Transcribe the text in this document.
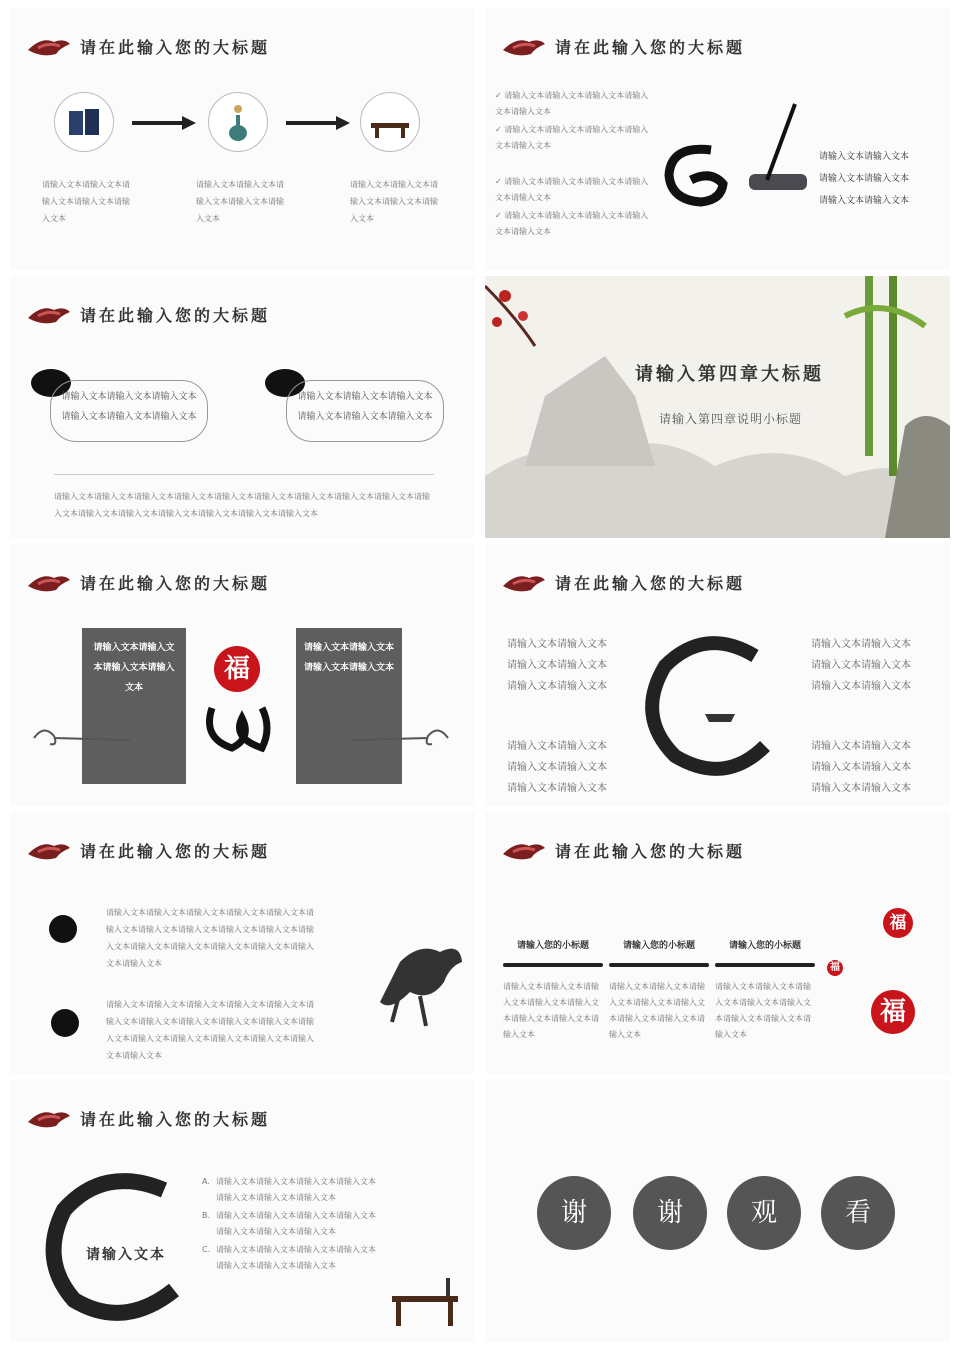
请在此输入您的大标题
请输入文本请输入文本请输入文本请输入文本请输入文本
请输入文本请输入文本请输入文本请输入文本请输入文本
请输入文本请输入文本请输入文本请输入文本请输入文本
请在此输入您的大标题
✓ 请输入文本请输入文本请输入文本请输入文本请输入文本
✓ 请输入文本请输入文本请输入文本请输入文本请输入文本
✓ 请输入文本请输入文本请输入文本请输入文本请输入文本
✓ 请输入文本请输入文本请输入文本请输入文本请输入文本
请输入文本请输入文本
请输入文本请输入文本
请输入文本请输入文本
请在此输入您的大标题
请输入文本请输入文本请输入文本请输入文本请输入文本请输入文本
请输入文本请输入文本请输入文本请输入文本请输入文本请输入文本
请输入文本请输入文本请输入文本请输入文本请输入文本请输入文本请输入文本请输入文本请输入文本请输入文本请输入文本请输入文本请输入文本请输入文本请输入文本请输入文本
请输入第四章大标题
请输入第四章说明小标题
请在此输入您的大标题
请输入文本请输入文本请输入文本请输入文本
请输入文本请输入文本请输入文本请输入文本
福
请在此输入您的大标题
请输入文本请输入文本
请输入文本请输入文本
请输入文本请输入文本
请输入文本请输入文本
请输入文本请输入文本
请输入文本请输入文本
请输入文本请输入文本
请输入文本请输入文本
请输入文本请输入文本
请输入文本请输入文本
请输入文本请输入文本
请输入文本请输入文本
请在此输入您的大标题
请输入文本请输入文本请输入文本请输入文本请输入文本请输入文本请输入文本请输入文本请输入文本请输入文本请输入文本请输入文本请输入文本请输入文本请输入文本请输入文本请输入文本
请输入文本请输入文本请输入文本请输入文本请输入文本请输入文本请输入文本请输入文本请输入文本请输入文本请输入文本请输入文本请输入文本请输入文本请输入文本请输入文本请输入文本
请在此输入您的大标题
请输入您的小标题
请输入文本请输入文本请输入文本请输入文本请输入文本请输入文本请输入文本请输入文本
请输入您的小标题
请输入文本请输入文本请输入文本请输入文本请输入文本请输入文本请输入文本请输入文本
请输入您的小标题
请输入文本请输入文本请输入文本请输入文本请输入文本请输入文本请输入文本请输入文本
福
福
福
请在此输入您的大标题
请输入文本
A. 请输入文本请输入文本请输入文本请输入文本请输入文本请输入文本请输入文本
B. 请输入文本请输入文本请输入文本请输入文本请输入文本请输入文本请输入文本
C. 请输入文本请输入文本请输入文本请输入文本请输入文本请输入文本请输入文本
谢	谢	观	看
